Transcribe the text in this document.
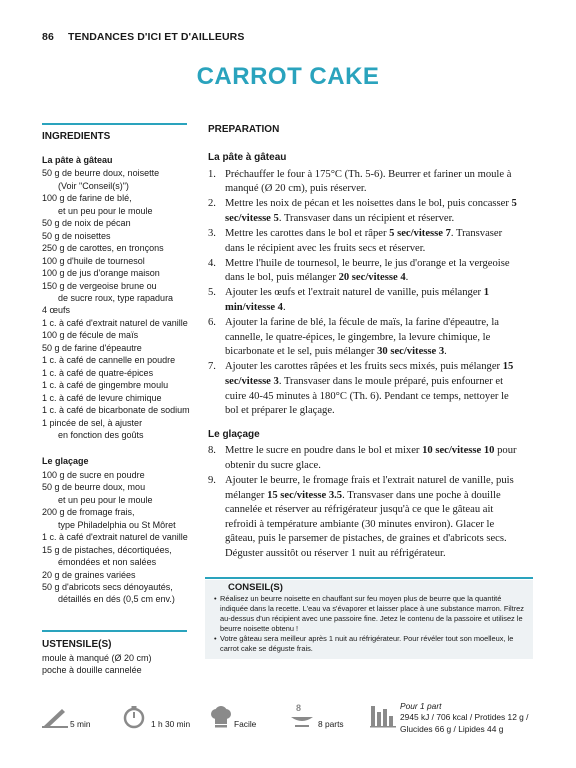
86 TENDANCES D'ICI ET D'AILLEURS
CARROT CAKE
INGREDIENTS
La pâte à gâteau
50 g de beurre doux, noisette
(Voir "Conseil(s)")
100 g de farine de blé,
et un peu pour le moule
50 g de noix de pécan
50 g de noisettes
250 g de carottes, en tronçons
100 g d'huile de tournesol
100 g de jus d'orange maison
150 g de vergeoise brune ou
de sucre roux, type rapadura
4 œufs
1 c. à café d'extrait naturel de vanille
100 g de fécule de maïs
50 g de farine d'épeautre
1 c. à café de cannelle en poudre
1 c. à café de quatre-épices
1 c. à café de gingembre moulu
1 c. à café de levure chimique
1 c. à café de bicarbonate de sodium
1 pincée de sel, à ajuster
en fonction des goûts
Le glaçage
100 g de sucre en poudre
50 g de beurre doux, mou
et un peu pour le moule
200 g de fromage frais,
type Philadelphia ou St Môret
1 c. à café d'extrait naturel de vanille
15 g de pistaches, décortiquées,
émondées et non salées
20 g de graines variées
50 g d'abricots secs dénoyautés,
détaillés en dés (0,5 cm env.)
USTENSILE(S)
moule à manqué (Ø 20 cm)
poche à douille cannelée
PREPARATION
La pâte à gâteau
1. Préchauffer le four à 175°C (Th. 5-6). Beurrer et fariner un moule à manqué (Ø 20 cm), puis réserver.
2. Mettre les noix de pécan et les noisettes dans le bol, puis concasser 5 sec/vitesse 5. Transvaser dans un récipient et réserver.
3. Mettre les carottes dans le bol et râper 5 sec/vitesse 7. Transvaser dans le récipient avec les fruits secs et réserver.
4. Mettre l'huile de tournesol, le beurre, le jus d'orange et la vergeoise dans le bol, puis mélanger 20 sec/vitesse 4.
5. Ajouter les œufs et l'extrait naturel de vanille, puis mélanger 1 min/vitesse 4.
6. Ajouter la farine de blé, la fécule de maïs, la farine d'épeautre, la cannelle, le quatre-épices, le gingembre, la levure chimique, le bicarbonate et le sel, puis mélanger 30 sec/vitesse 3.
7. Ajouter les carottes râpées et les fruits secs mixés, puis mélanger 15 sec/vitesse 3. Transvaser dans le moule préparé, puis enfourner et cuire 40-45 minutes à 180°C (Th. 6). Pendant ce temps, nettoyer le bol et préparer le glaçage.
Le glaçage
8. Mettre le sucre en poudre dans le bol et mixer 10 sec/vitesse 10 pour obtenir du sucre glace.
9. Ajouter le beurre, le fromage frais et l'extrait naturel de vanille, puis mélanger 15 sec/vitesse 3.5. Transvaser dans une poche à douille cannelée et réserver au réfrigérateur jusqu'à ce que le gâteau ait refroidi à température ambiante (30 minutes environ). Glacer le gâteau, puis le parsemer de pistaches, de graines et d'abricots secs. Déguster aussitôt ou réserver 1 nuit au réfrigérateur.
CONSEIL(S)
• Réalisez un beurre noisette en chauffant sur feu moyen plus de beurre que la quantité indiquée dans la recette. L'eau va s'évaporer et laisser place à une substance marron. Filtrez au-dessus d'un récipient avec une passoire fine. Jetez le contenu de la passoire et utilisez le beurre noisette obtenu !
• Votre gâteau sera meilleur après 1 nuit au réfrigérateur. Pour révéler tout son moelleux, le carrot cake se déguste frais.
5 min	1 h 30 min	Facile
8
8 parts
Pour 1 part
2945 kJ / 706 kcal / Protides 12 g /
Glucides 66 g / Lipides 44 g
